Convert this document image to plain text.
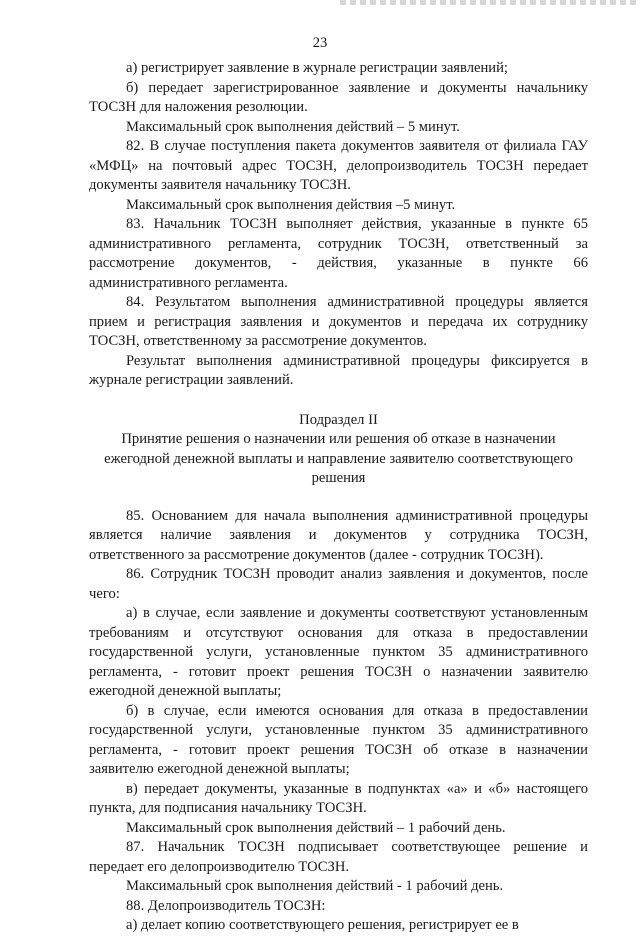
23

а) регистрирует заявление в журнале регистрации заявлений;

б) передает зарегистрированное заявление и документы начальнику ТОСЗН для наложения резолюции.

Максимальный срок выполнения действий – 5 минут.

82. В случае поступления пакета документов заявителя от филиала ГАУ «МФЦ» на почтовый адрес ТОСЗН, делопроизводитель ТОСЗН передает документы заявителя начальнику ТОСЗН.

Максимальный срок выполнения действия –5 минут.

83. Начальник ТОСЗН выполняет действия, указанные в пункте 65 административного регламента, сотрудник ТОСЗН, ответственный за рассмотрение документов, - действия, указанные в пункте 66 административного регламента.

84. Результатом выполнения административной процедуры является прием и регистрация заявления и документов и передача их сотруднику ТОСЗН, ответственному за рассмотрение документов.

Результат выполнения административной процедуры фиксируется в журнале регистрации заявлений.

Подраздел II

Принятие решения о назначении или решения об отказе в назначении ежегодной денежной выплаты и направление заявителю соответствующего решения

85. Основанием для начала выполнения административной процедуры является наличие заявления и документов у сотрудника ТОСЗН, ответственного за рассмотрение документов (далее - сотрудник ТОСЗН).

86. Сотрудник ТОСЗН проводит анализ заявления и документов, после чего:

а) в случае, если заявление и документы соответствуют установленным требованиям и отсутствуют основания для отказа в предоставлении государственной услуги, установленные пунктом 35 административного регламента, - готовит проект решения ТОСЗН о назначении заявителю ежегодной денежной выплаты;

б) в случае, если имеются основания для отказа в предоставлении государственной услуги, установленные пунктом 35 административного регламента, - готовит проект решения ТОСЗН об отказе в назначении заявителю ежегодной денежной выплаты;

в) передает документы, указанные в подпунктах «а» и «б» настоящего пункта, для подписания начальнику ТОСЗН.

Максимальный срок выполнения действий – 1 рабочий день.

87. Начальник ТОСЗН подписывает соответствующее решение и передает его делопроизводителю ТОСЗН.

Максимальный срок выполнения действий - 1 рабочий день.

88. Делопроизводитель ТОСЗН:

а) делает копию соответствующего решения, регистрирует ее в
